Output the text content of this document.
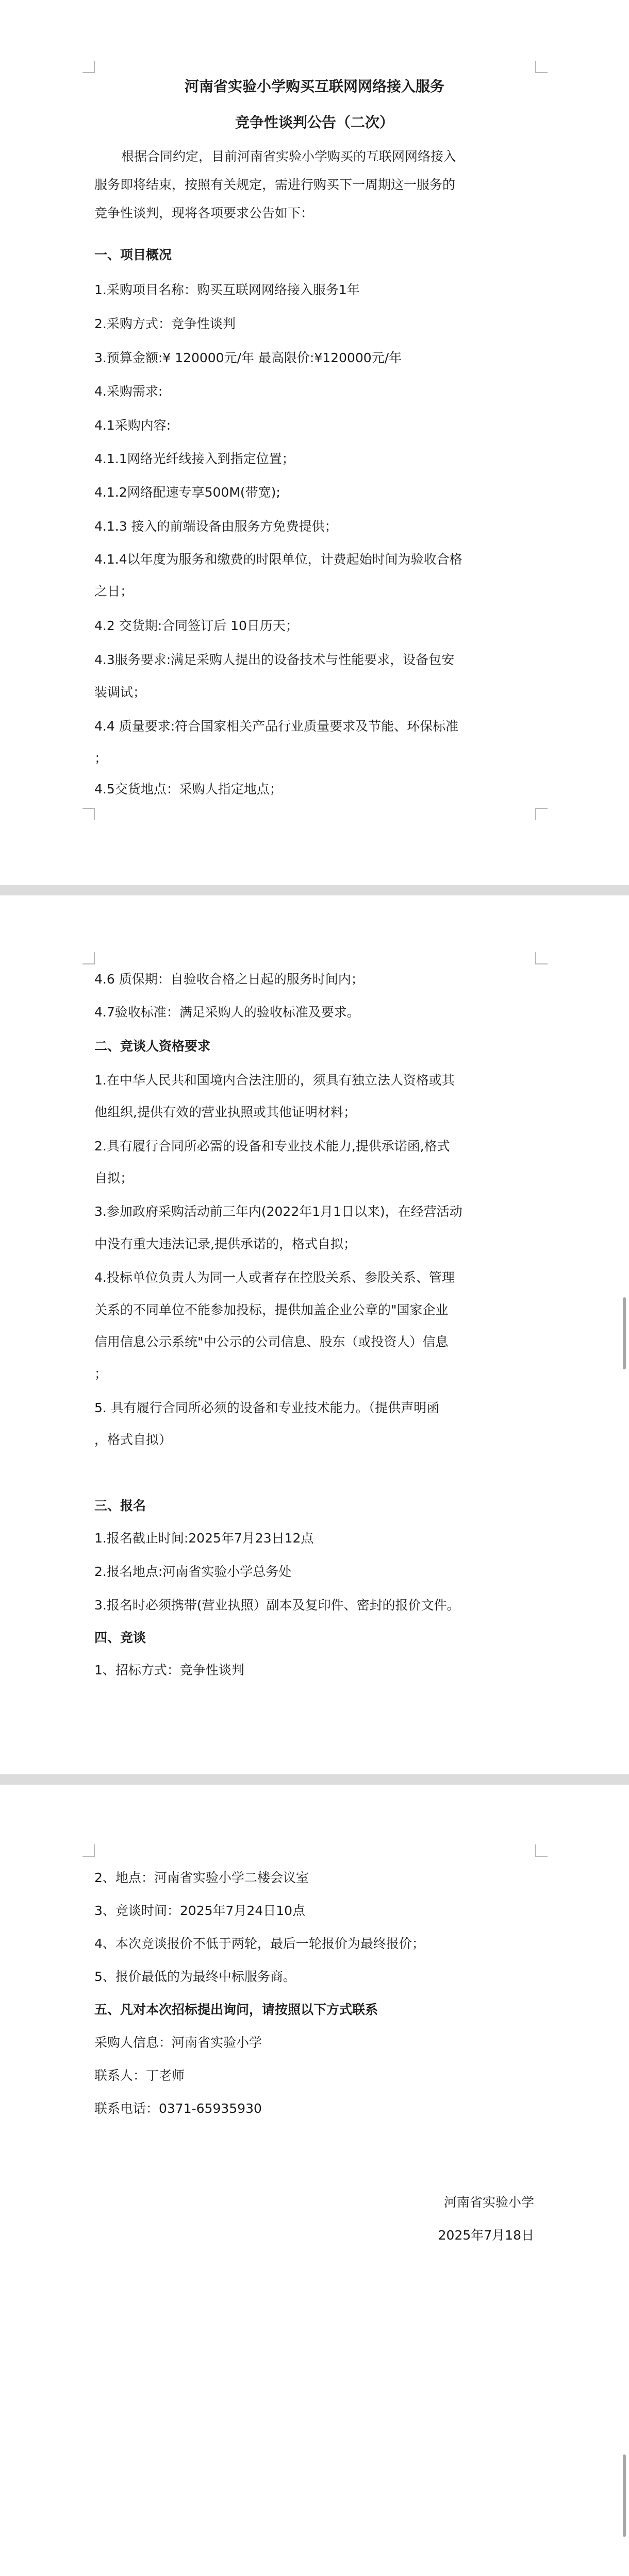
河南省实验小学购买互联网网络接入服务
竞争性谈判公告（二次）
根据合同约定，目前河南省实验小学购买的互联网网络接入
服务即将结束，按照有关规定，需进行购买下一周期这一服务的
竞争性谈判，现将各项要求公告如下：
一、项目概况
1.采购项目名称：购买互联网网络接入服务1年
2.采购方式：竞争性谈判
3.预算金额:¥ 120000元/年 最高限价:¥120000元/年
4.采购需求:
4.1采购内容:
4.1.1网络光纤线接入到指定位置；
4.1.2网络配速专享500M(带宽);
4.1.3 接入的前端设备由服务方免费提供；
4.1.4以年度为服务和缴费的时限单位，计费起始时间为验收合格
之日；
4.2 交货期:合同签订后 10日历天；
4.3服务要求:满足采购人提出的设备技术与性能要求，设备包安
装调试；
4.4 质量要求:符合国家相关产品行业质量要求及节能、环保标准
；
4.5交货地点：采购人指定地点；
4.6 质保期：自验收合格之日起的服务时间内；
4.7验收标准：满足采购人的验收标准及要求。
二、竞谈人资格要求
1.在中华人民共和国境内合法注册的，须具有独立法人资格或其
他组织,提供有效的营业执照或其他证明材料；
2.具有履行合同所必需的设备和专业技术能力,提供承诺函,格式
自拟；
3.参加政府采购活动前三年内(2022年1月1日以来)，在经营活动
中没有重大违法记录,提供承诺的，格式自拟；
4.投标单位负责人为同一人或者存在控股关系、参股关系、管理
关系的不同单位不能参加投标，提供加盖企业公章的"国家企业
信用信息公示系统"中公示的公司信息、股东（或投资人）信息
；
5. 具有履行合同所必须的设备和专业技术能力。（提供声明函
，格式自拟）
三、报名
1.报名截止时间:2025年7月23日12点
2.报名地点:河南省实验小学总务处
3.报名时必须携带(营业执照）副本及复印件、密封的报价文件。
四、竞谈
1、招标方式：竞争性谈判
2、地点：河南省实验小学二楼会议室
3、竞谈时间：2025年7月24日10点
4、本次竞谈报价不低于两轮，最后一轮报价为最终报价；
5、报价最低的为最终中标服务商。
五、凡对本次招标提出询问，请按照以下方式联系
采购人信息：河南省实验小学
联系人：丁老师
联系电话：0371-65935930
河南省实验小学
2025年7月18日
